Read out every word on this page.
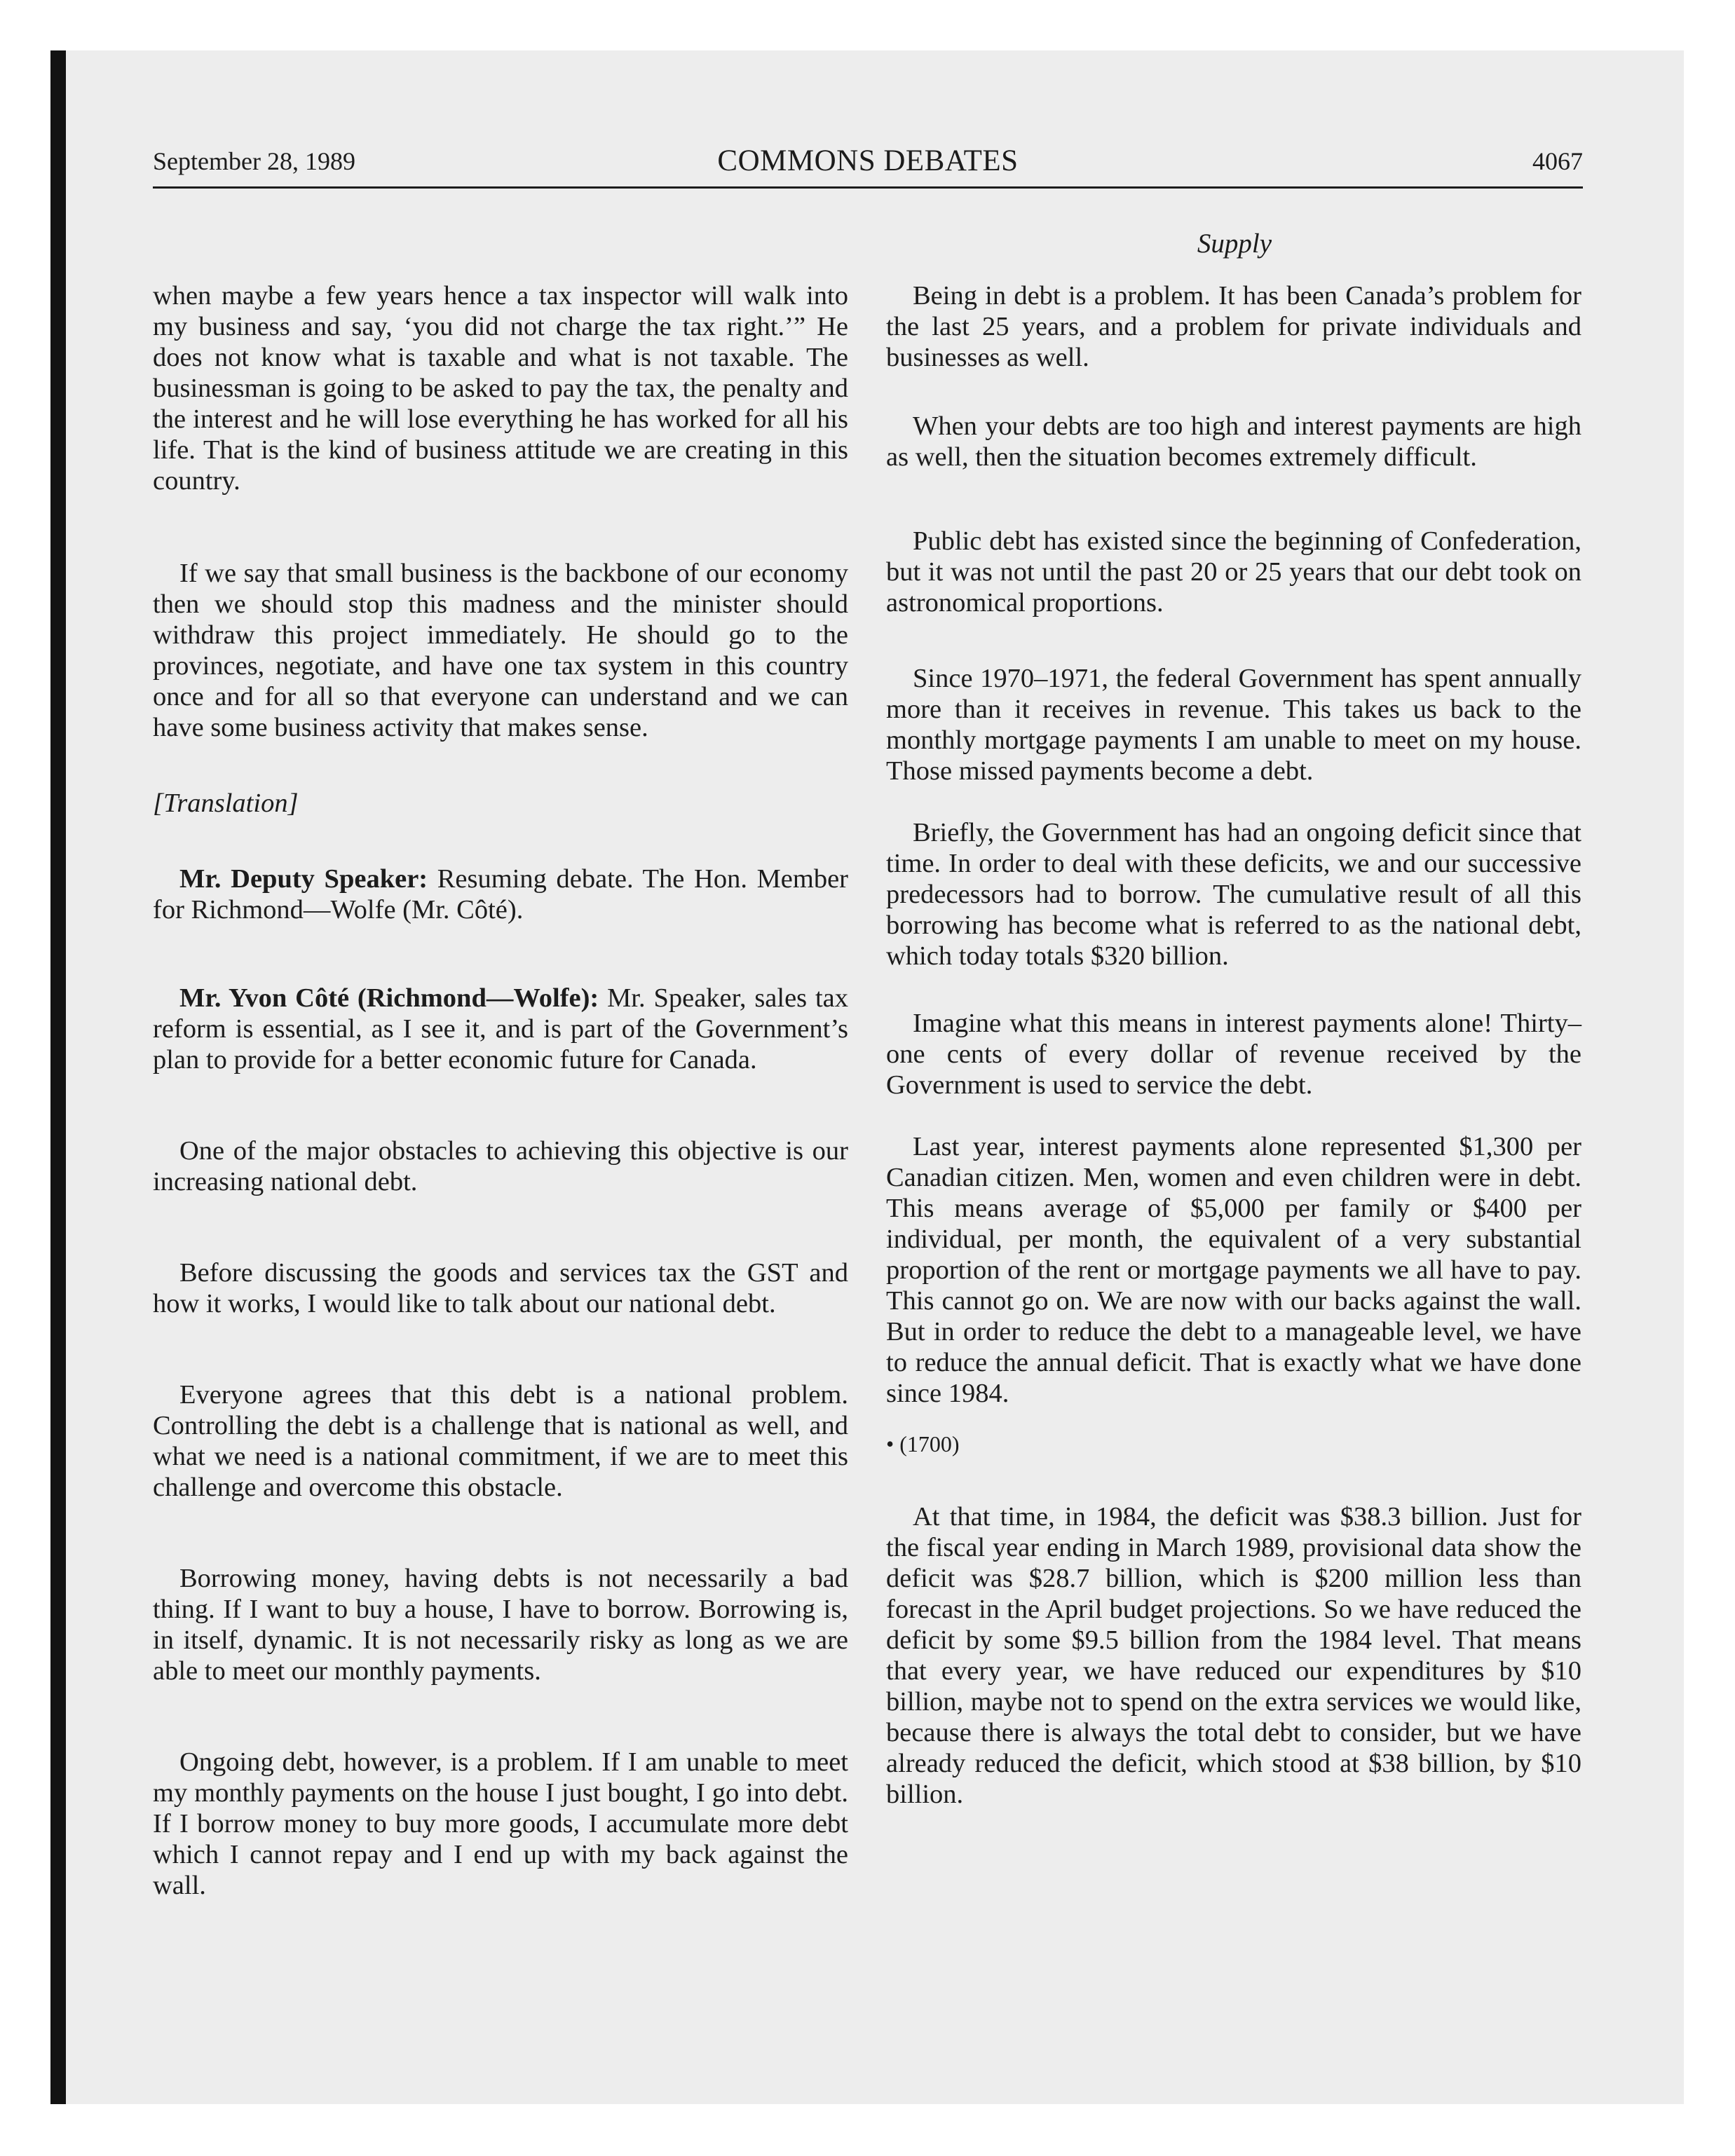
September 28, 1989	COMMONS DEBATES	4067
Supply

when maybe a few years hence a tax inspector will walk into my business and say, ‘you did not charge the tax right.’” He does not know what is taxable and what is not taxable. The businessman is going to be asked to pay the tax, the penalty and the interest and he will lose everything he has worked for all his life. That is the kind of business attitude we are creating in this country.

If we say that small business is the backbone of our economy then we should stop this madness and the minister should withdraw this project immediately. He should go to the provinces, negotiate, and have one tax system in this country once and for all so that everyone can understand and we can have some business activity that makes sense.

[Translation]

Mr. Deputy Speaker: Resuming debate. The Hon. Member for Richmond—Wolfe (Mr. Côté).

Mr. Yvon Côté (Richmond—Wolfe): Mr. Speaker, sales tax reform is essential, as I see it, and is part of the Government’s plan to provide for a better economic future for Canada.

One of the major obstacles to achieving this objective is our increasing national debt.

Before discussing the goods and services tax the GST and how it works, I would like to talk about our national debt.

Everyone agrees that this debt is a national problem. Controlling the debt is a challenge that is national as well, and what we need is a national commitment, if we are to meet this challenge and overcome this obstacle.

Borrowing money, having debts is not necessarily a bad thing. If I want to buy a house, I have to borrow. Borrowing is, in itself, dynamic. It is not necessarily risky as long as we are able to meet our monthly payments.

Ongoing debt, however, is a problem. If I am unable to meet my monthly payments on the house I just bought, I go into debt. If I borrow money to buy more goods, I accumulate more debt which I cannot repay and I end up with my back against the wall.

Being in debt is a problem. It has been Canada’s problem for the last 25 years, and a problem for private individuals and businesses as well.

When your debts are too high and interest payments are high as well, then the situation becomes extremely difficult.

Public debt has existed since the beginning of Confederation, but it was not until the past 20 or 25 years that our debt took on astronomical proportions.

Since 1970–1971, the federal Government has spent annually more than it receives in revenue. This takes us back to the monthly mortgage payments I am unable to meet on my house. Those missed payments become a debt.

Briefly, the Government has had an ongoing deficit since that time. In order to deal with these deficits, we and our successive predecessors had to borrow. The cumulative result of all this borrowing has become what is referred to as the national debt, which today totals $320 billion.

Imagine what this means in interest payments alone! Thirty–one cents of every dollar of revenue received by the Government is used to service the debt.

Last year, interest payments alone represented $1,300 per Canadian citizen. Men, women and even children were in debt. This means average of $5,000 per family or $400 per individual, per month, the equivalent of a very substantial proportion of the rent or mortgage payments we all have to pay. This cannot go on. We are now with our backs against the wall. But in order to reduce the debt to a manageable level, we have to reduce the annual deficit. That is exactly what we have done since 1984.

• (1700)

At that time, in 1984, the deficit was $38.3 billion. Just for the fiscal year ending in March 1989, provisional data show the deficit was $28.7 billion, which is $200 million less than forecast in the April budget projections. So we have reduced the deficit by some $9.5 billion from the 1984 level. That means that every year, we have reduced our expenditures by $10 billion, maybe not to spend on the extra services we would like, because there is always the total debt to consider, but we have already reduced the deficit, which stood at $38 billion, by $10 billion.
